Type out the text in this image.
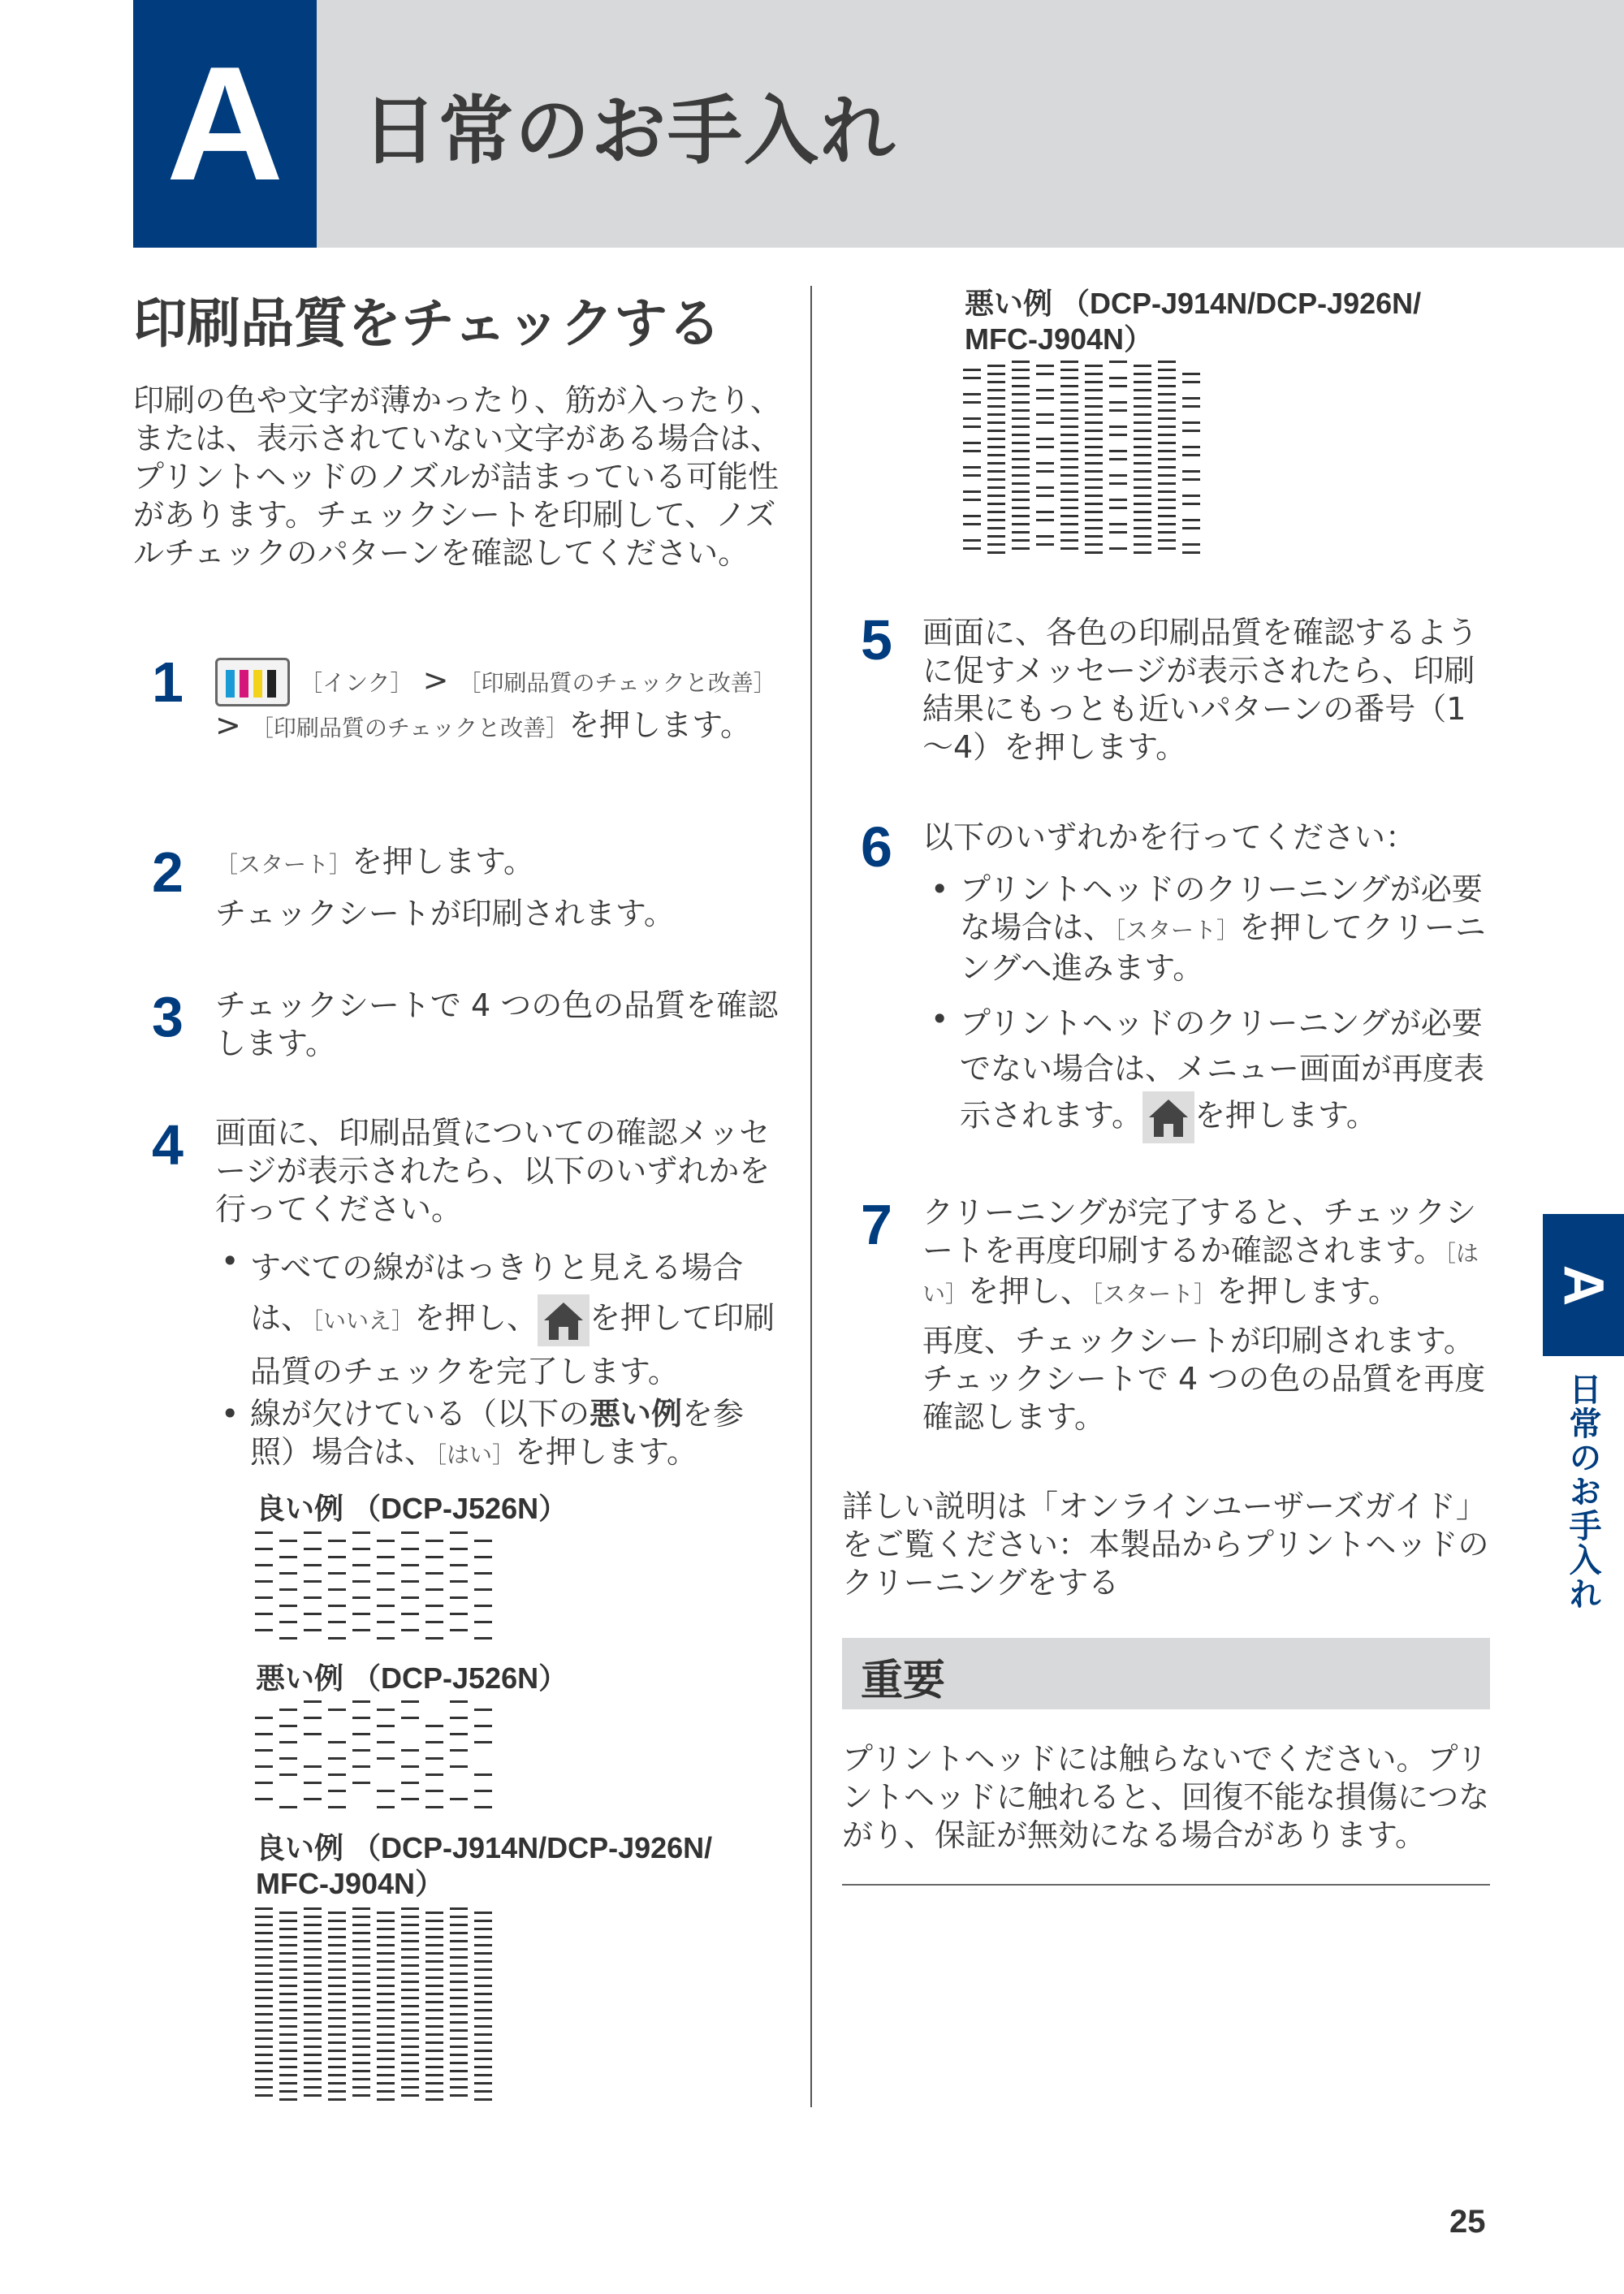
A	日常のお手入れ
印刷品質をチェックする
印刷の色や文字が薄かったり、筋が入ったり、または、表示されていない文字がある場合は、プリントヘッドのノズルが詰まっている可能性があります。チェックシートを印刷して、ノズルチェックのパターンを確認してください。
1	［インク］ > ［印刷品質のチェックと改善］ > ［印刷品質のチェックと改善］を押します。
2 ［スタート］を押します。
チェックシートが印刷されます。
3 チェックシートで 4 つの色の品質を確認します。
4 画面に、印刷品質についての確認メッセージが表示されたら、以下のいずれかを行ってください。
• すべての線がはっきりと見える場合は、［いいえ］を押し、 を押して印刷品質のチェックを完了します。
• 線が欠けている（以下の悪い例を参照）場合は、［はい］を押します。
良い例 （DCP-J526N）
悪い例 （DCP-J526N）
良い例 （DCP-J914N/DCP-J926N/
MFC-J904N）
悪い例 （DCP-J914N/DCP-J926N/
MFC-J904N）
5 画面に、各色の印刷品質を確認するように促すメッセージが表示されたら、印刷結果にもっとも近いパターンの番号（1 ～4）を押します。
6 以下のいずれかを行ってください：
• プリントヘッドのクリーニングが必要な場合は、［スタート］を押してクリーニングへ進みます。
• プリントヘッドのクリーニングが必要でない場合は、メニュー画面が再度表示されます。 を押します。
7 クリーニングが完了すると、チェックシートを再度印刷するか確認されます。［はい］を押し、［スタート］を押します。
再度、チェックシートが印刷されます。チェックシートで 4 つの色の品質を再度確認します。
詳しい説明は「オンラインユーザーズガイド」をご覧ください：本製品からプリントヘッドのクリーニングをする
重要
プリントヘッドには触らないでください。プリントヘッドに触れると、回復不能な損傷につながり、保証が無効になる場合があります。
A
日常のお手入れ
25
